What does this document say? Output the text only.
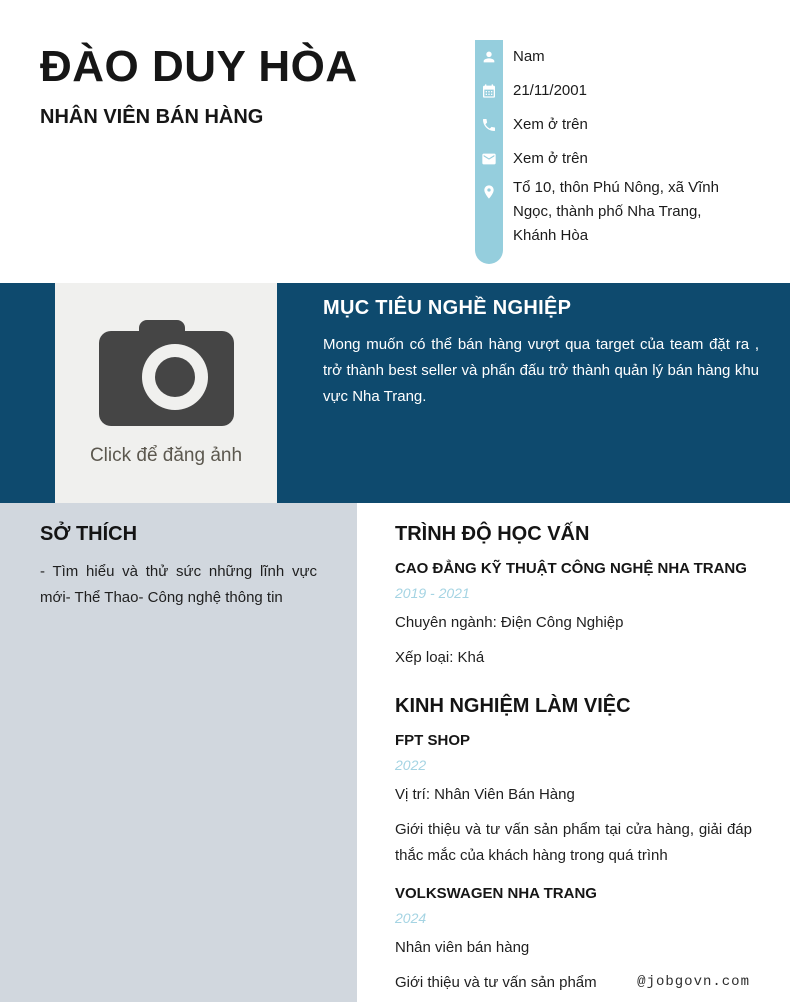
ĐÀO DUY HÒA
NHÂN VIÊN BÁN HÀNG
Nam
21/11/2001
Xem ở trên
Xem ở trên
Tổ 10, thôn Phú Nông, xã Vĩnh Ngọc, thành phố Nha Trang, Khánh Hòa
Click để đăng ảnh
MỤC TIÊU NGHỀ NGHIỆP

Mong muốn có thể bán hàng vượt qua target của team đặt ra , trở thành best seller và phấn đấu trở thành quản lý bán hàng khu vực Nha Trang.

SỞ THÍCH

- Tìm hiểu và thử sức những lĩnh vực mới- Thể Thao- Công nghệ thông tin

TRÌNH ĐỘ HỌC VẤN
CAO ĐẲNG KỸ THUẬT CÔNG NGHỆ NHA TRANG
2019 - 2021

Chuyên ngành: Điện Công Nghiệp

Xếp loại: Khá

KINH NGHIỆM LÀM VIỆC
FPT SHOP
2022

Vị trí: Nhân Viên Bán Hàng

Giới thiệu và tư vấn sản phẩm tại cửa hàng, giải đáp thắc mắc của khách hàng trong quá trình

VOLKSWAGEN NHA TRANG
2024

Nhân viên bán hàng

Giới thiệu và tư vấn sản phẩm	@jobgovn.com
